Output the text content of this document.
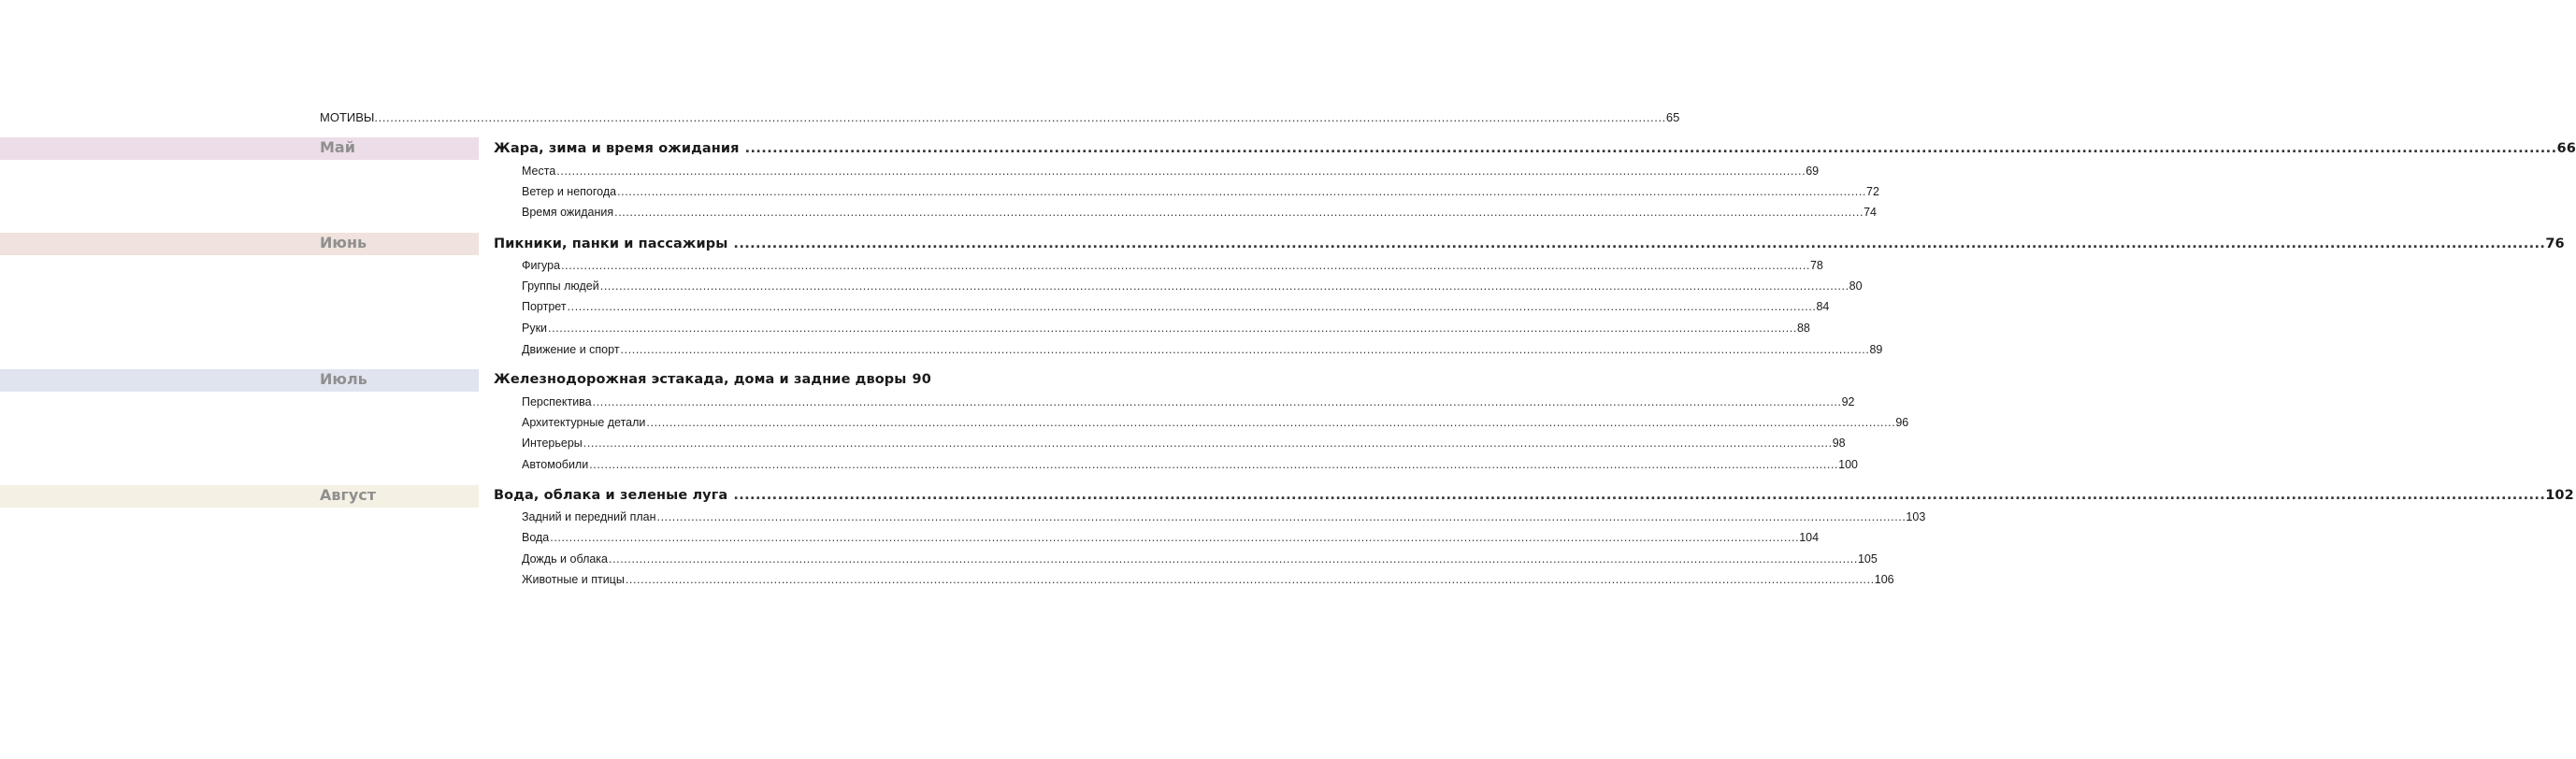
МОТИВЫ .....	65
Май	Жара, зима и время ожидания .....	66
Места .....	69
Ветер и непогода .....	72
Время ожидания .....	74
Июнь	Пикники, панки и пассажиры .....	76
Фигура .....	78
Группы людей .....	80
Портрет .....	84
Руки .....	88
Движение и спорт .....	89
Июль	Железнодорожная эстакада, дома и задние дворы 90
Перспектива .....	92
Архитектурные детали .....	96
Интерьеры .....	98
Автомобили .....	100
Август	Вода, облака и зеленые луга .....	102
Задний и передний план .....	103
Вода .....	104
Дождь и облака .....	105
Животные и птицы .....	106
